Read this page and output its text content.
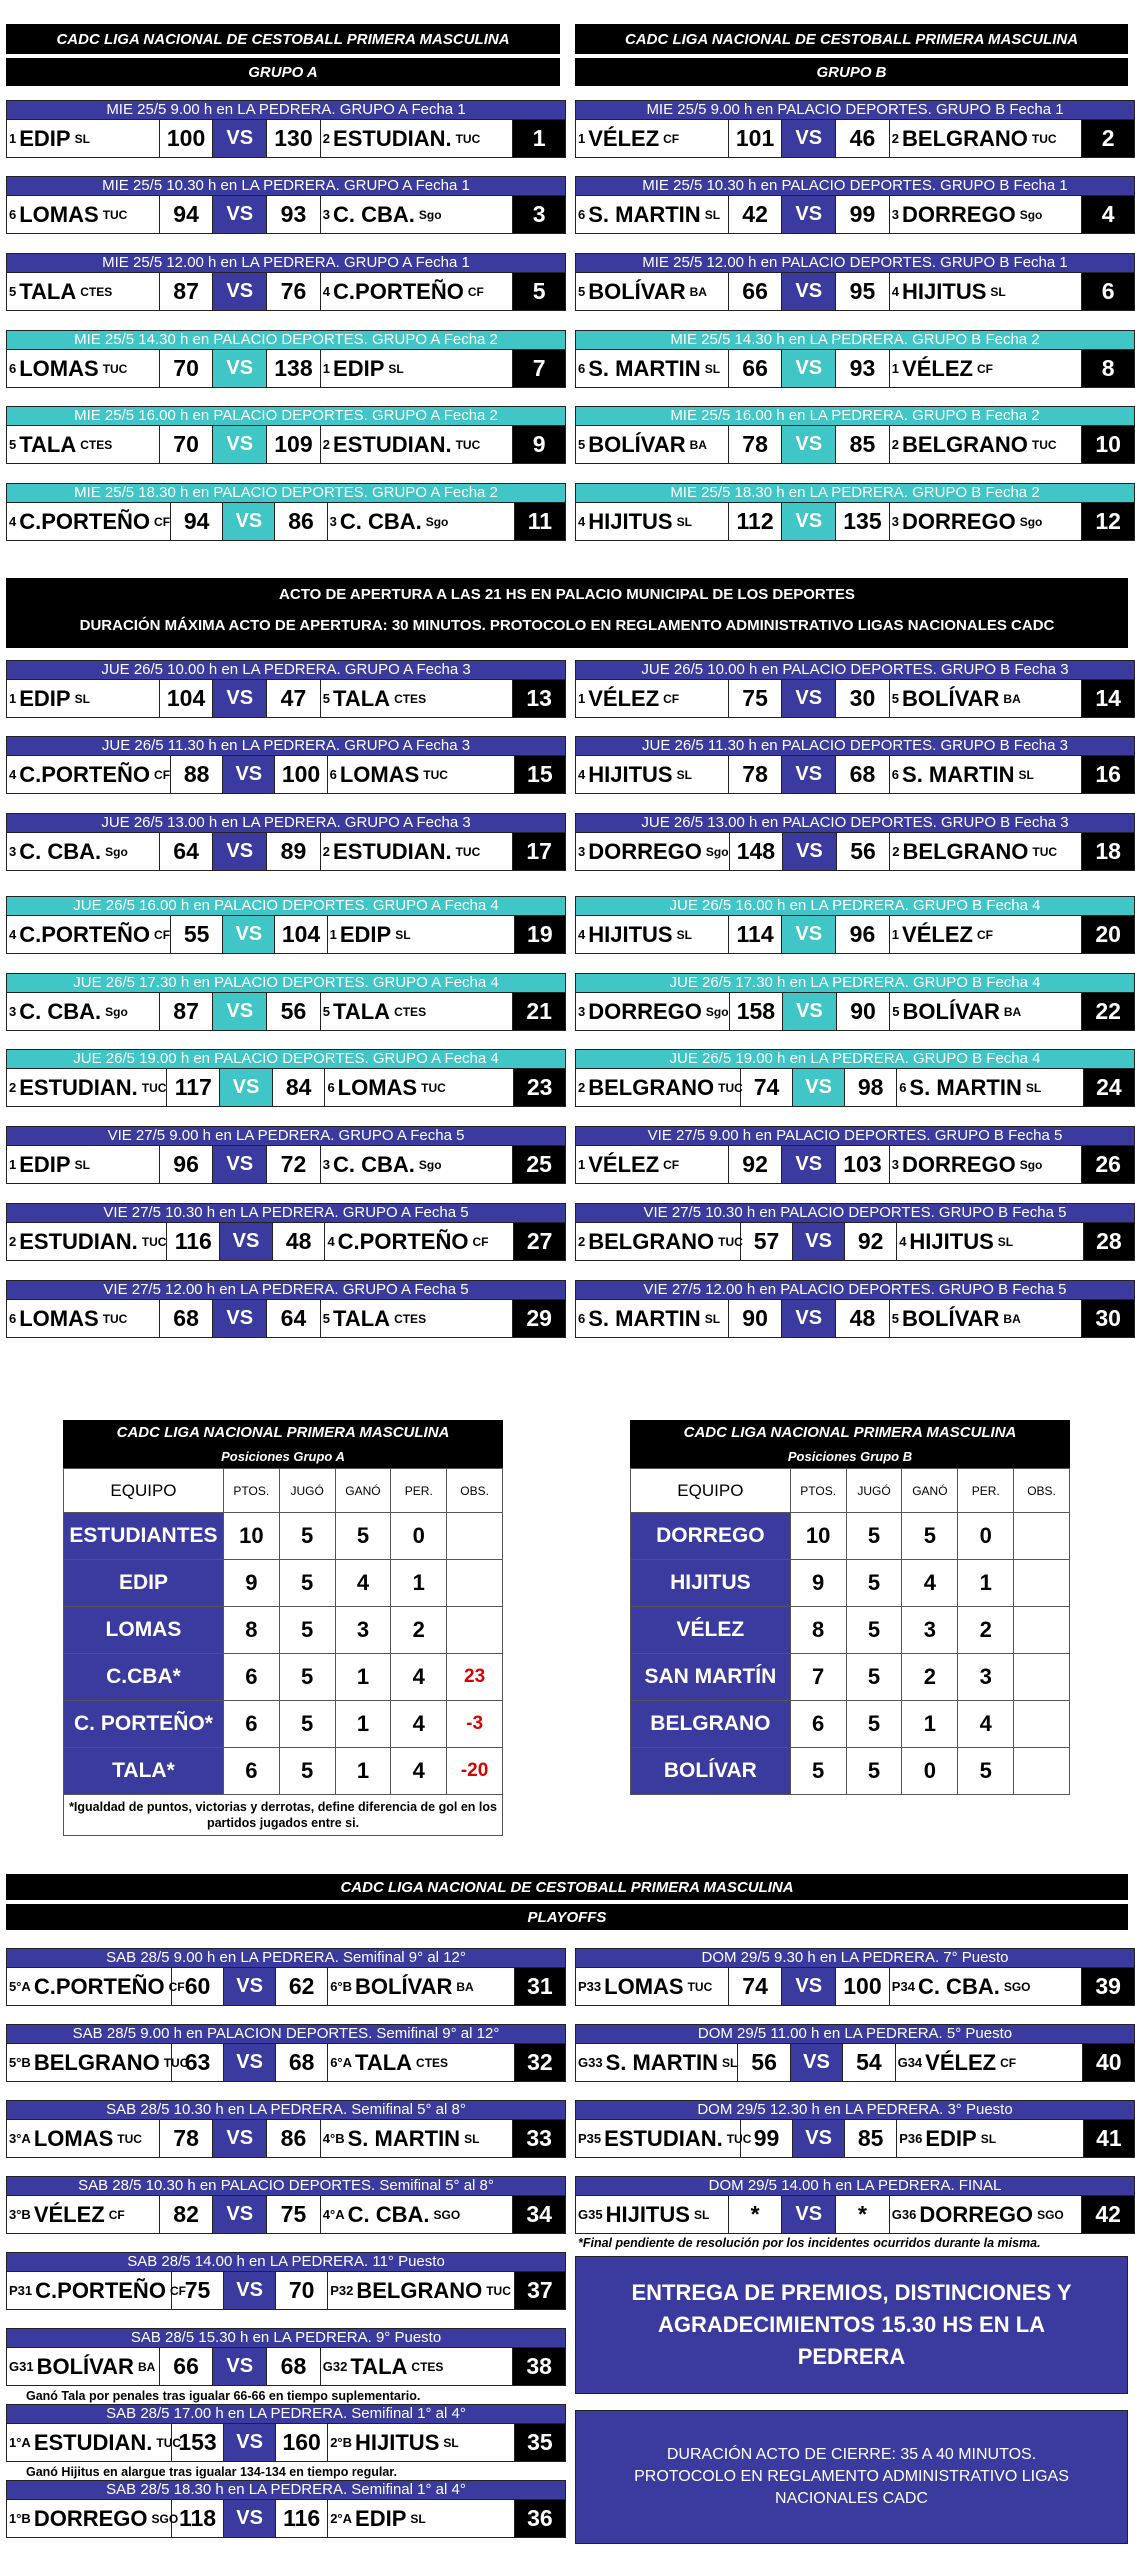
CADC LIGA NACIONAL DE CESTOBALL PRIMERA MASCULINA
GRUPO A
CADC LIGA NACIONAL DE CESTOBALL PRIMERA MASCULINA
GRUPO B
MIE 25/5 9.00 h en LA PEDRERA. GRUPO A Fecha 1
1 EDIP SL	100	VS 130 2 ESTUDIAN. TUC	1
MIE 25/5 9.00 h en PALACIO DEPORTES. GRUPO B Fecha 1
1 VÉLEZ CF	101	VS	46	2 BELGRANO TUC	2
MIE 25/5 10.30 h en LA PEDRERA. GRUPO A Fecha 1
6 LOMAS TUC	94	VS	93	3 C. CBA. Sgo	3
MIE 25/5 10.30 h en PALACIO DEPORTES. GRUPO B Fecha 1
6 S. MARTIN SL 42	VS	99	3 DORREGO Sgo	4
MIE 25/5 12.00 h en LA PEDRERA. GRUPO A Fecha 1
5 TALA CTES	87	VS	76	4 C.PORTEÑO CF	5
MIE 25/5 12.00 h en PALACIO DEPORTES. GRUPO B Fecha 1
5 BOLÍVAR BA	66	VS	95	4 HIJITUS SL	6
MIE 25/5 14.30 h en PALACIO DEPORTES. GRUPO A Fecha 2
6 LOMAS TUC	70	VS 138 1 EDIP SL	7
MIE 25/5 14.30 h en LA PEDRERA. GRUPO B Fecha 2
6 S. MARTIN SL 66	VS	93	1 VÉLEZ CF	8
MIE 25/5 16.00 h en PALACIO DEPORTES. GRUPO A Fecha 2
5 TALA CTES	70	VS 109 2 ESTUDIAN. TUC	9
MIE 25/5 16.00 h en LA PEDRERA. GRUPO B Fecha 2
5 BOLÍVAR BA	78	VS	85	2 BELGRANO TUC	10
MIE 25/5 18.30 h en PALACIO DEPORTES. GRUPO A Fecha 2
4 C.PORTEÑO CF 94	VS	86	3 C. CBA. Sgo	11
MIE 25/5 18.30 h en LA PEDRERA. GRUPO B Fecha 2
4 HIJITUS SL	112	VS 135 3 DORREGO Sgo	12
JUE 26/5 10.00 h en LA PEDRERA. GRUPO A Fecha 3
1 EDIP SL	104	VS	47	5 TALA CTES	13
JUE 26/5 10.00 h en PALACIO DEPORTES. GRUPO B Fecha 3
1 VÉLEZ CF	75	VS	30	5 BOLÍVAR BA	14
JUE 26/5 11.30 h en LA PEDRERA. GRUPO A Fecha 3
4 C.PORTEÑO CF 88	VS 100 6 LOMAS TUC	15
JUE 26/5 11.30 h en PALACIO DEPORTES. GRUPO B Fecha 3
4 HIJITUS SL	78	VS	68	6 S. MARTIN SL	16
JUE 26/5 13.00 h en LA PEDRERA. GRUPO A Fecha 3
3 C. CBA. Sgo	64	VS	89	2 ESTUDIAN. TUC	17
JUE 26/5 13.00 h en PALACIO DEPORTES. GRUPO B Fecha 3
3 DORREGO Sgo 148	VS	56	2 BELGRANO TUC	18
JUE 26/5 16.00 h en PALACIO DEPORTES. GRUPO A Fecha 4
4 C.PORTEÑO CF 55	VS 104 1 EDIP SL	19
JUE 26/5 16.00 h en LA PEDRERA. GRUPO B Fecha 4
4 HIJITUS SL	114	VS	96	1 VÉLEZ CF	20
JUE 26/5 17.30 h en PALACIO DEPORTES. GRUPO A Fecha 4
3 C. CBA. Sgo	87	VS	56	5 TALA CTES	21
JUE 26/5 17.30 h en LA PEDRERA. GRUPO B Fecha 4
3 DORREGO Sgo 158	VS	90	5 BOLÍVAR BA	22
JUE 26/5 19.00 h en PALACIO DEPORTES. GRUPO A Fecha 4
2 ESTUDIAN. TUC 117	VS	84	6 LOMAS TUC	23
JUE 26/5 19.00 h en LA PEDRERA. GRUPO B Fecha 4
2 BELGRANO TUC 74	VS	98	6 S. MARTIN SL	24
VIE 27/5 9.00 h en LA PEDRERA. GRUPO A Fecha 5
1 EDIP SL	96	VS	72	3 C. CBA. Sgo	25
VIE 27/5 9.00 h en PALACIO DEPORTES. GRUPO B Fecha 5
1 VÉLEZ CF	92	VS 103 3 DORREGO Sgo	26
VIE 27/5 10.30 h en LA PEDRERA. GRUPO A Fecha 5
2 ESTUDIAN. TUC 116	VS	48	4 C.PORTEÑO CF	27
VIE 27/5 10.30 h en PALACIO DEPORTES. GRUPO B Fecha 5
2 BELGRANO TUC 57	VS	92	4 HIJITUS SL	28
VIE 27/5 12.00 h en LA PEDRERA. GRUPO A Fecha 5
6 LOMAS TUC	68	VS	64	5 TALA CTES	29
VIE 27/5 12.00 h en PALACIO DEPORTES. GRUPO B Fecha 5
6 S. MARTIN SL 90	VS	48	5 BOLÍVAR BA	30
ACTO DE APERTURA A LAS 21 HS EN PALACIO MUNICIPAL DE LOS DEPORTES
DURACIÓN MÁXIMA ACTO DE APERTURA: 30 MINUTOS. PROTOCOLO EN REGLAMENTO ADMINISTRATIVO LIGAS NACIONALES CADC
CADC LIGA NACIONAL PRIMERA MASCULINA
Posiciones Grupo A
EQUIPO	PTOS.	JUGÓ	GANÓ	PER.	OBS.
ESTUDIANTES	10	5	5	0	
EDIP	9	5	4	1	
LOMAS	8	5	3	2	
C.CBA*	6	5	1	4	23
C. PORTEÑO*	6	5	1	4	-3
TALA*	6	5	1	4	-20
*Igualdad de puntos, victorias y derrotas, define diferencia de gol en los partidos jugados entre si.
CADC LIGA NACIONAL PRIMERA MASCULINA
Posiciones Grupo B
EQUIPO	PTOS.	JUGÓ	GANÓ	PER.	OBS.
DORREGO	10	5	5	0	
HIJITUS	9	5	4	1	
VÉLEZ	8	5	3	2	
SAN MARTÍN	7	5	2	3	
BELGRANO	6	5	1	4	
BOLÍVAR	5	5	0	5	
CADC LIGA NACIONAL DE CESTOBALL PRIMERA MASCULINA
PLAYOFFS
SAB 28/5 9.00 h en LA PEDRERA. Semifinal 9° al 12°
5°A C.PORTEÑO CF 60	VS	62	6°B BOLÍVAR BA	31
SAB 28/5 9.00 h en PALACION DEPORTES. Semifinal 9° al 12°
5°B BELGRANO TUC
63	VS	68	6°A TALA CTES	32
SAB 28/5 10.30 h en LA PEDRERA. Semifinal 5° al 8°
3°A LOMAS TUC	78	VS	86	4°B S. MARTIN SL	33
SAB 28/5 10.30 h en PALACIO DEPORTES. Semifinal 5° al 8°
3°B VÉLEZ CF	82	VS	75	4°A C. CBA. SGO	34
SAB 28/5 14.00 h en LA PEDRERA. 11° Puesto
P31 C.PORTEÑO CF
75	VS	70	P32 BELGRANO TUC 37
SAB 28/5 15.30 h en LA PEDRERA. 9° Puesto
G31 BOLÍVAR BA 66	VS	68	G32 TALA CTES	38
SAB 28/5 17.00 h en LA PEDRERA. Semifinal 1° al 4°
1°A ESTUDIAN. TUC
153 VS 160 2°B HIJITUS SL	35
SAB 28/5 18.30 h en LA PEDRERA. Semifinal 1° al 4°
1°B DORREGO SGO 118	VS 116 2°A EDIP SL	36
DOM 29/5 9.30 h en LA PEDRERA. 7° Puesto
P33 LOMAS TUC	74	VS 100 P34 C. CBA. SGO	39
DOM 29/5 11.00 h en LA PEDRERA. 5° Puesto
G33 S. MARTIN SL 56	VS	54	G34 VÉLEZ CF	40
DOM 29/5 12.30 h en LA PEDRERA. 3° Puesto
P35 ESTUDIAN. TUC 99	VS	85	P36 EDIP SL	41
DOM 29/5 14.00 h en LA PEDRERA. FINAL
G35 HIJITUS SL	*	VS	*	G36 DORREGO SGO	42
*Final pendiente de resolución por los incidentes ocurridos durante la misma.
Ganó Tala por penales tras igualar 66-66 en tiempo suplementario.
Ganó Hijitus en alargue tras igualar 134-134 en tiempo regular.
ENTREGA DE PREMIOS, DISTINCIONES Y AGRADECIMIENTOS 15.30 HS EN LA PEDRERA
DURACIÓN ACTO DE CIERRE: 35 A 40 MINUTOS. PROTOCOLO EN REGLAMENTO ADMINISTRATIVO LIGAS NACIONALES CADC
